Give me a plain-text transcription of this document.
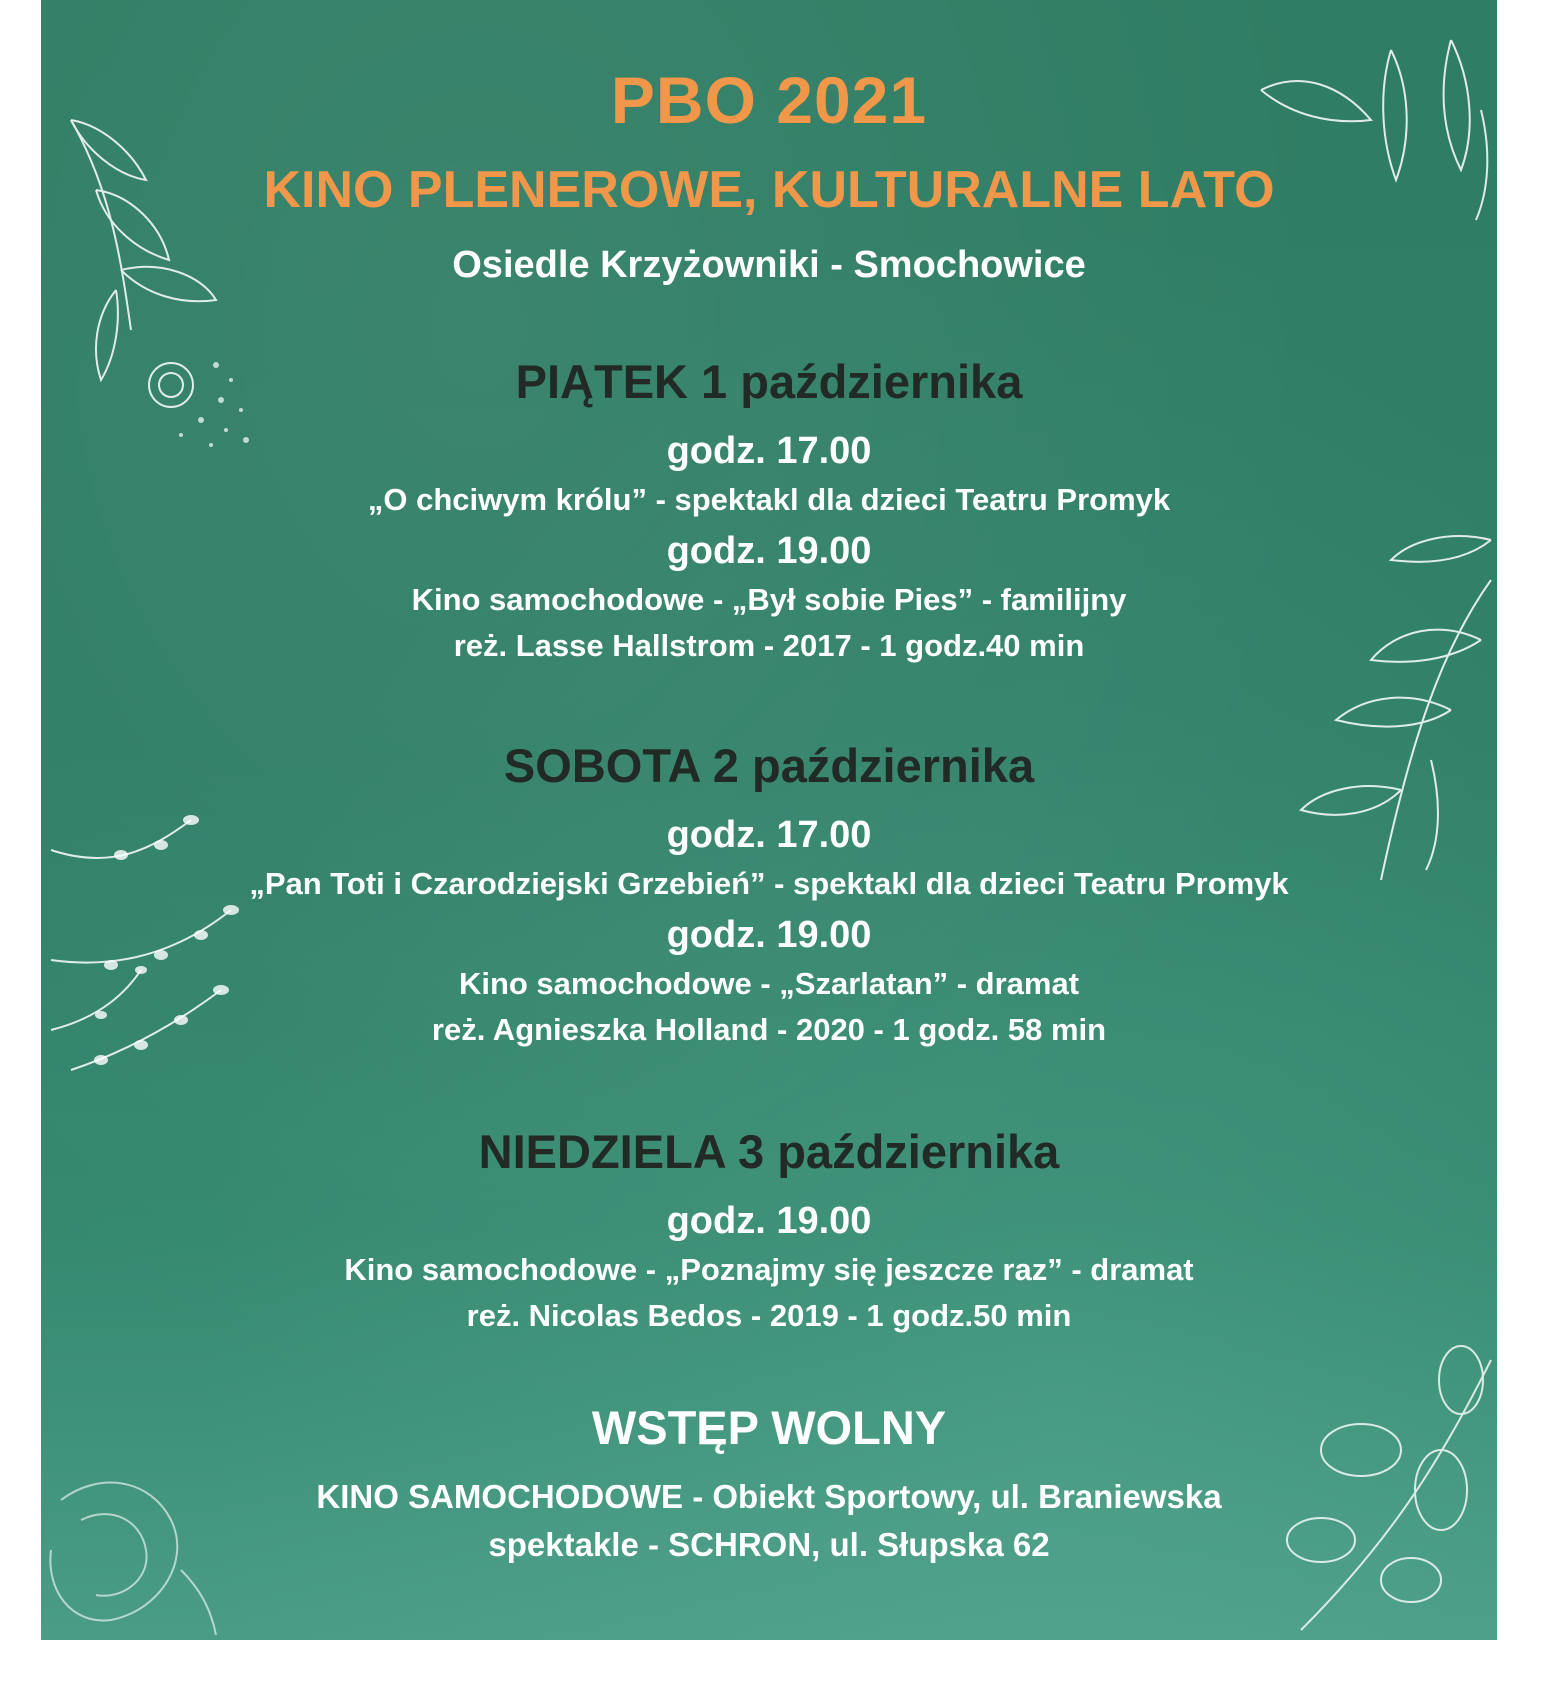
PBO 2021
KINO PLENEROWE, KULTURALNE LATO
Osiedle Krzyżowniki - Smochowice
PIĄTEK 1 października
godz. 17.00
„O chciwym królu” - spektakl dla dzieci Teatru Promyk
godz. 19.00
Kino samochodowe - „Był sobie Pies” - familijny
reż. Lasse Hallstrom - 2017 - 1 godz.40 min
SOBOTA 2 października
godz. 17.00
„Pan Toti i Czarodziejski Grzebień” - spektakl dla dzieci Teatru Promyk
godz. 19.00
Kino samochodowe - „Szarlatan” - dramat
reż. Agnieszka Holland - 2020 - 1 godz. 58 min
NIEDZIELA 3 października
godz. 19.00
Kino samochodowe - „Poznajmy się jeszcze raz” - dramat
reż. Nicolas Bedos - 2019 - 1 godz.50 min
WSTĘP WOLNY
KINO SAMOCHODOWE - Obiekt Sportowy, ul. Braniewska
spektakle - SCHRON, ul. Słupska 62
